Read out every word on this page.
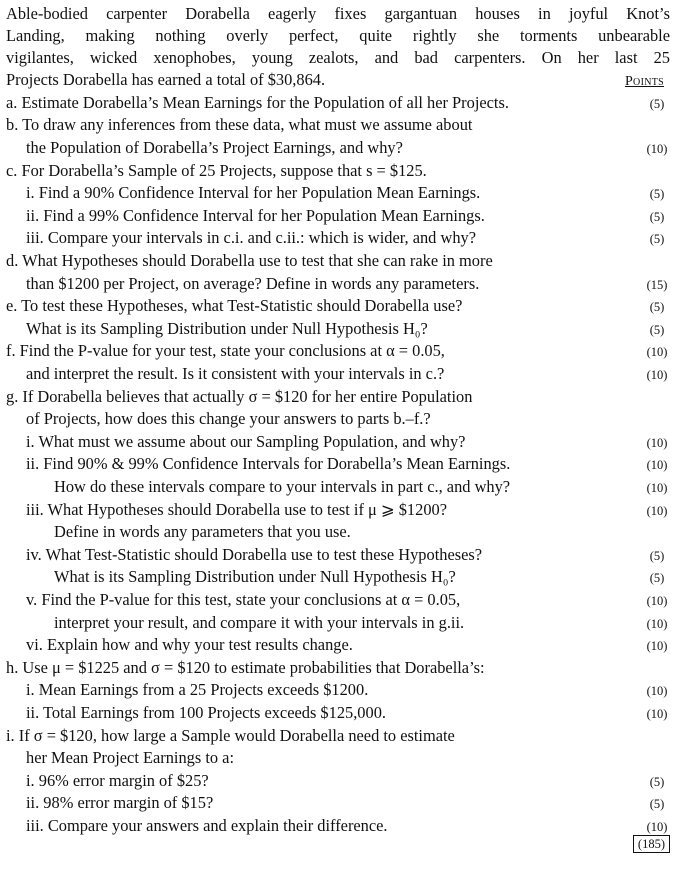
Able-bodied carpenter Dorabella eagerly fixes gargantuan houses in joyful Knot’s
Landing, making nothing overly perfect, quite rightly she torments unbearable
vigilantes, wicked xenophobes, young zealots, and bad carpenters. On her last 25
Projects Dorabella has earned a total of $30,864.	Points
a. Estimate Dorabella’s Mean Earnings for the Population of all her Projects.	(5)
b. To draw any inferences from these data, what must we assume about
the Population of Dorabella’s Project Earnings, and why?	(10)
c. For Dorabella’s Sample of 25 Projects, suppose that s = $125.
i. Find a 90% Confidence Interval for her Population Mean Earnings.	(5)
ii. Find a 99% Confidence Interval for her Population Mean Earnings.	(5)
iii. Compare your intervals in c.i. and c.ii.: which is wider, and why?	(5)
d. What Hypotheses should Dorabella use to test that she can rake in more
than $1200 per Project, on average? Define in words any parameters.	(15)
e. To test these Hypotheses, what Test-Statistic should Dorabella use?	(5)
What is its Sampling Distribution under Null Hypothesis H₀?	(5)
f. Find the P-value for your test, state your conclusions at α = 0.05,	(10)
and interpret the result. Is it consistent with your intervals in c.?	(10)
g. If Dorabella believes that actually σ = $120 for her entire Population
of Projects, how does this change your answers to parts b.–f.?
i. What must we assume about our Sampling Population, and why?	(10)
ii. Find 90% & 99% Confidence Intervals for Dorabella’s Mean Earnings.	(10)
How do these intervals compare to your intervals in part c., and why?	(10)
iii. What Hypotheses should Dorabella use to test if μ ⩾ $1200?	(10)
Define in words any parameters that you use.
iv. What Test-Statistic should Dorabella use to test these Hypotheses?	(5)
What is its Sampling Distribution under Null Hypothesis H₀?	(5)
v. Find the P-value for this test, state your conclusions at α = 0.05,	(10)
interpret your result, and compare it with your intervals in g.ii.	(10)
vi. Explain how and why your test results change.	(10)
h. Use μ = $1225 and σ = $120 to estimate probabilities that Dorabella’s:
i. Mean Earnings from a 25 Projects exceeds $1200.	(10)
ii. Total Earnings from 100 Projects exceeds $125,000.	(10)
i. If σ = $120, how large a Sample would Dorabella need to estimate
her Mean Project Earnings to a:
i. 96% error margin of $25?	(5)
ii. 98% error margin of $15?	(5)
iii. Compare your answers and explain their difference.	(10)
(185)
